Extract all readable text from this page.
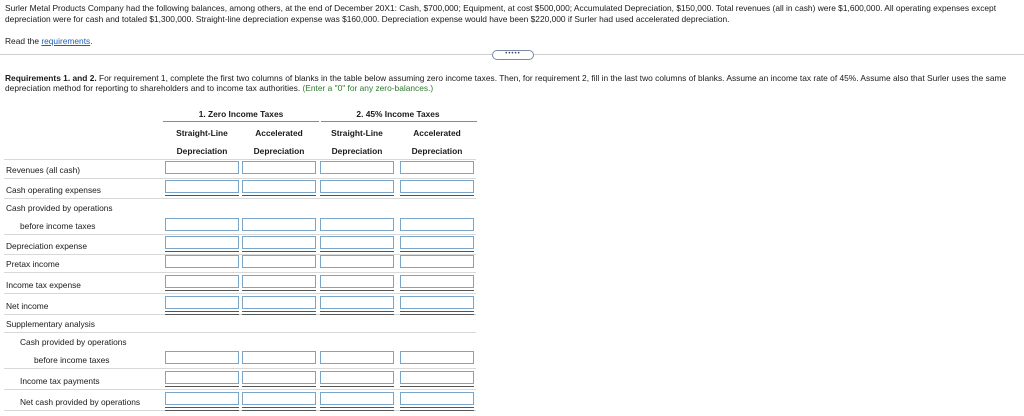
Surler Metal Products Company had the following balances, among others, at the end of December 20X1: Cash, $700,000; Equipment, at cost $500,000; Accumulated Depreciation, $150,000. Total revenues (all in cash) were $1,600,000. All operating expenses except depreciation were for cash and totaled $1,300,000. Straight-line depreciation expense was $160,000. Depreciation expense would have been $220,000 if Surler had used accelerated depreciation.
Read the requirements.
•••••
Requirements 1. and 2. For requirement 1, complete the first two columns of blanks in the table below assuming zero income taxes. Then, for requirement 2, fill in the last two columns of blanks. Assume an income tax rate of 45%. Assume also that Surler uses the same depreciation method for reporting to shareholders and to income tax authorities. (Enter a "0" for any zero-balances.)
1. Zero Income Taxes	2. 45% Income Taxes
Straight-Line
Depreciation
Accelerated
Depreciation
Straight-Line
Depreciation
Accelerated
Depreciation
Revenues (all cash)
Cash operating expenses
Cash provided by operations
before income taxes
Depreciation expense
Pretax income
Income tax expense
Net income
Supplementary analysis
Cash provided by operations
before income taxes
Income tax payments
Net cash provided by operations
